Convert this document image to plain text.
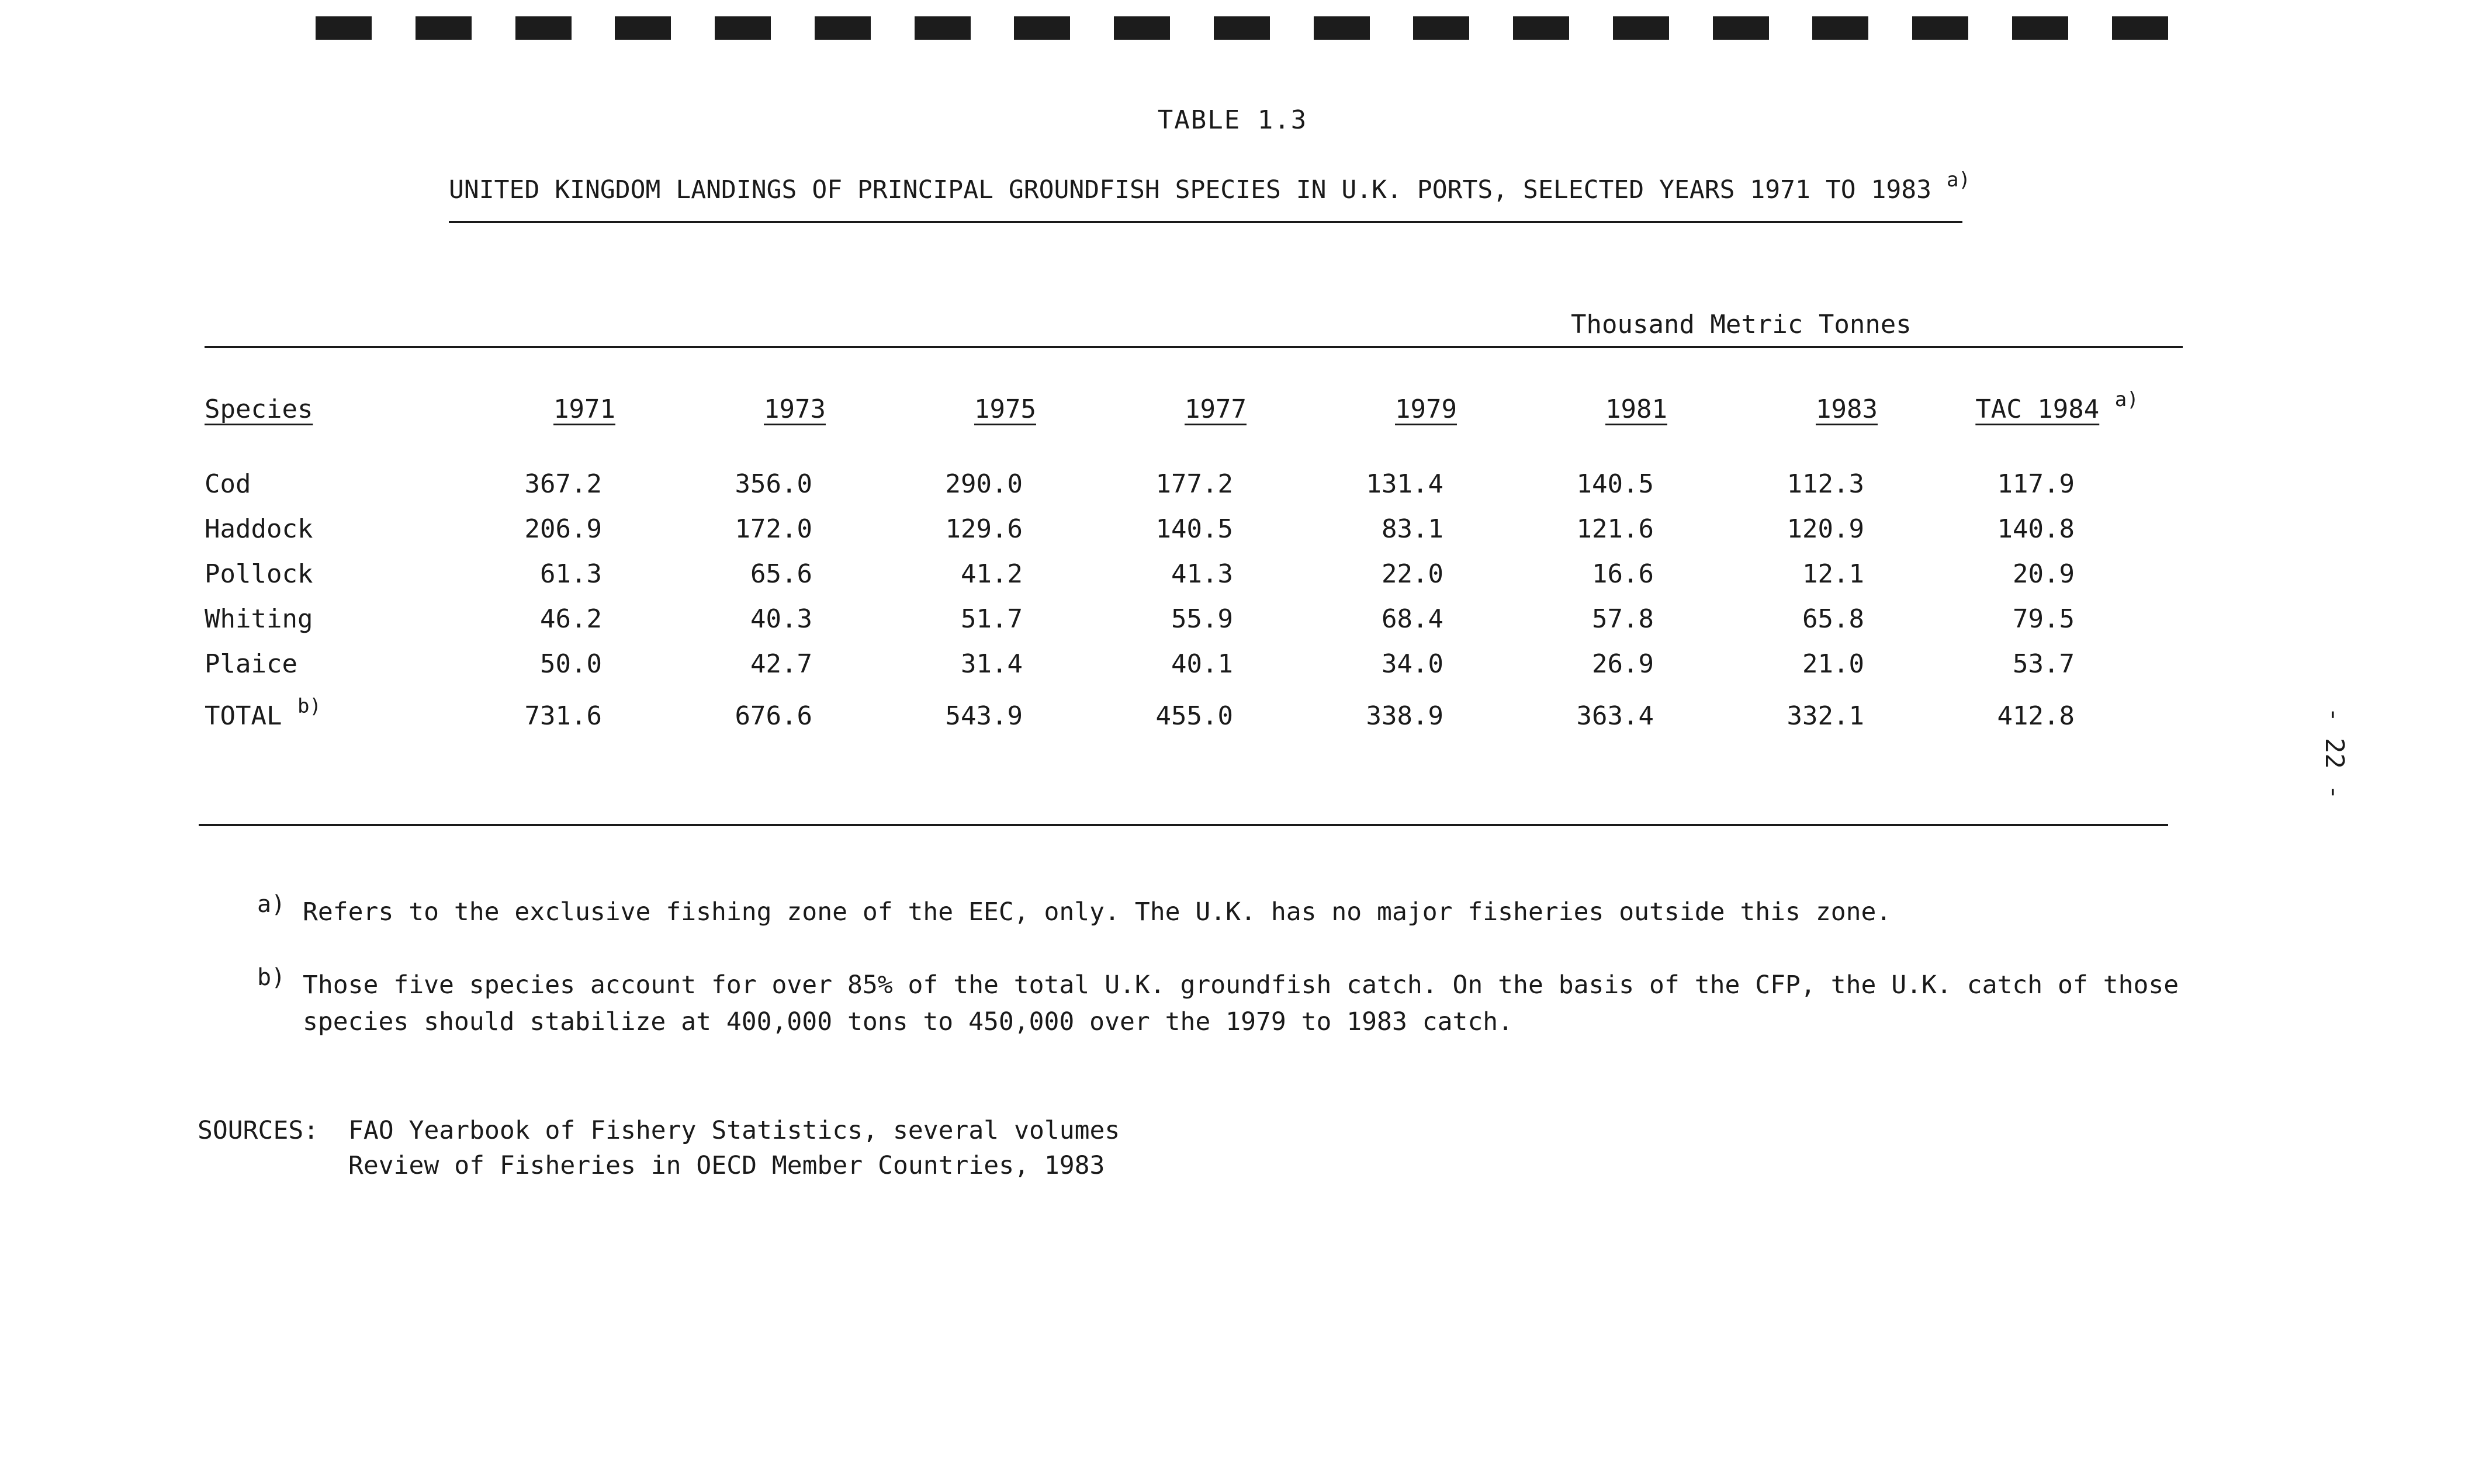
TABLE 1.3
UNITED KINGDOM LANDINGS OF PRINCIPAL GROUNDFISH SPECIES IN U.K. PORTS, SELECTED YEARS 1971 TO 1983 $^{a)}$
Thousand Metric Tonnes
Species	1971	1973	1975	1977	1979	1981	1983	TAC 1984 $^{a)}$

Cod	367.2	356.0	290.0	177.2	131.4	140.5	112.3	117.9
Haddock	206.9	172.0	129.6	140.5	83.1	121.6	120.9	140.8
Pollock	61.3	65.6	41.2	41.3	22.0	16.6	12.1	20.9
Whiting	46.2	40.3	51.7	55.9	68.4	57.8	65.8	79.5
Plaice	50.0	42.7	31.4	40.1	34.0	26.9	21.0	53.7
TOTAL $^{b)}$	731.6	676.6	543.9	455.0	338.9	363.4	332.1	412.8
a) Refers to the exclusive fishing zone of the EEC, only. The U.K. has no major fisheries outside this zone.
b) Those five species account for over 85% of the total U.K. groundfish catch. On the basis of the CFP, the U.K. catch of those
species should stabilize at 400,000 tons to 450,000 over the 1979 to 1983 catch.
SOURCES: FAO Yearbook of Fishery Statistics, several volumes
Review of Fisheries in OECD Member Countries, 1983
- 22 -
